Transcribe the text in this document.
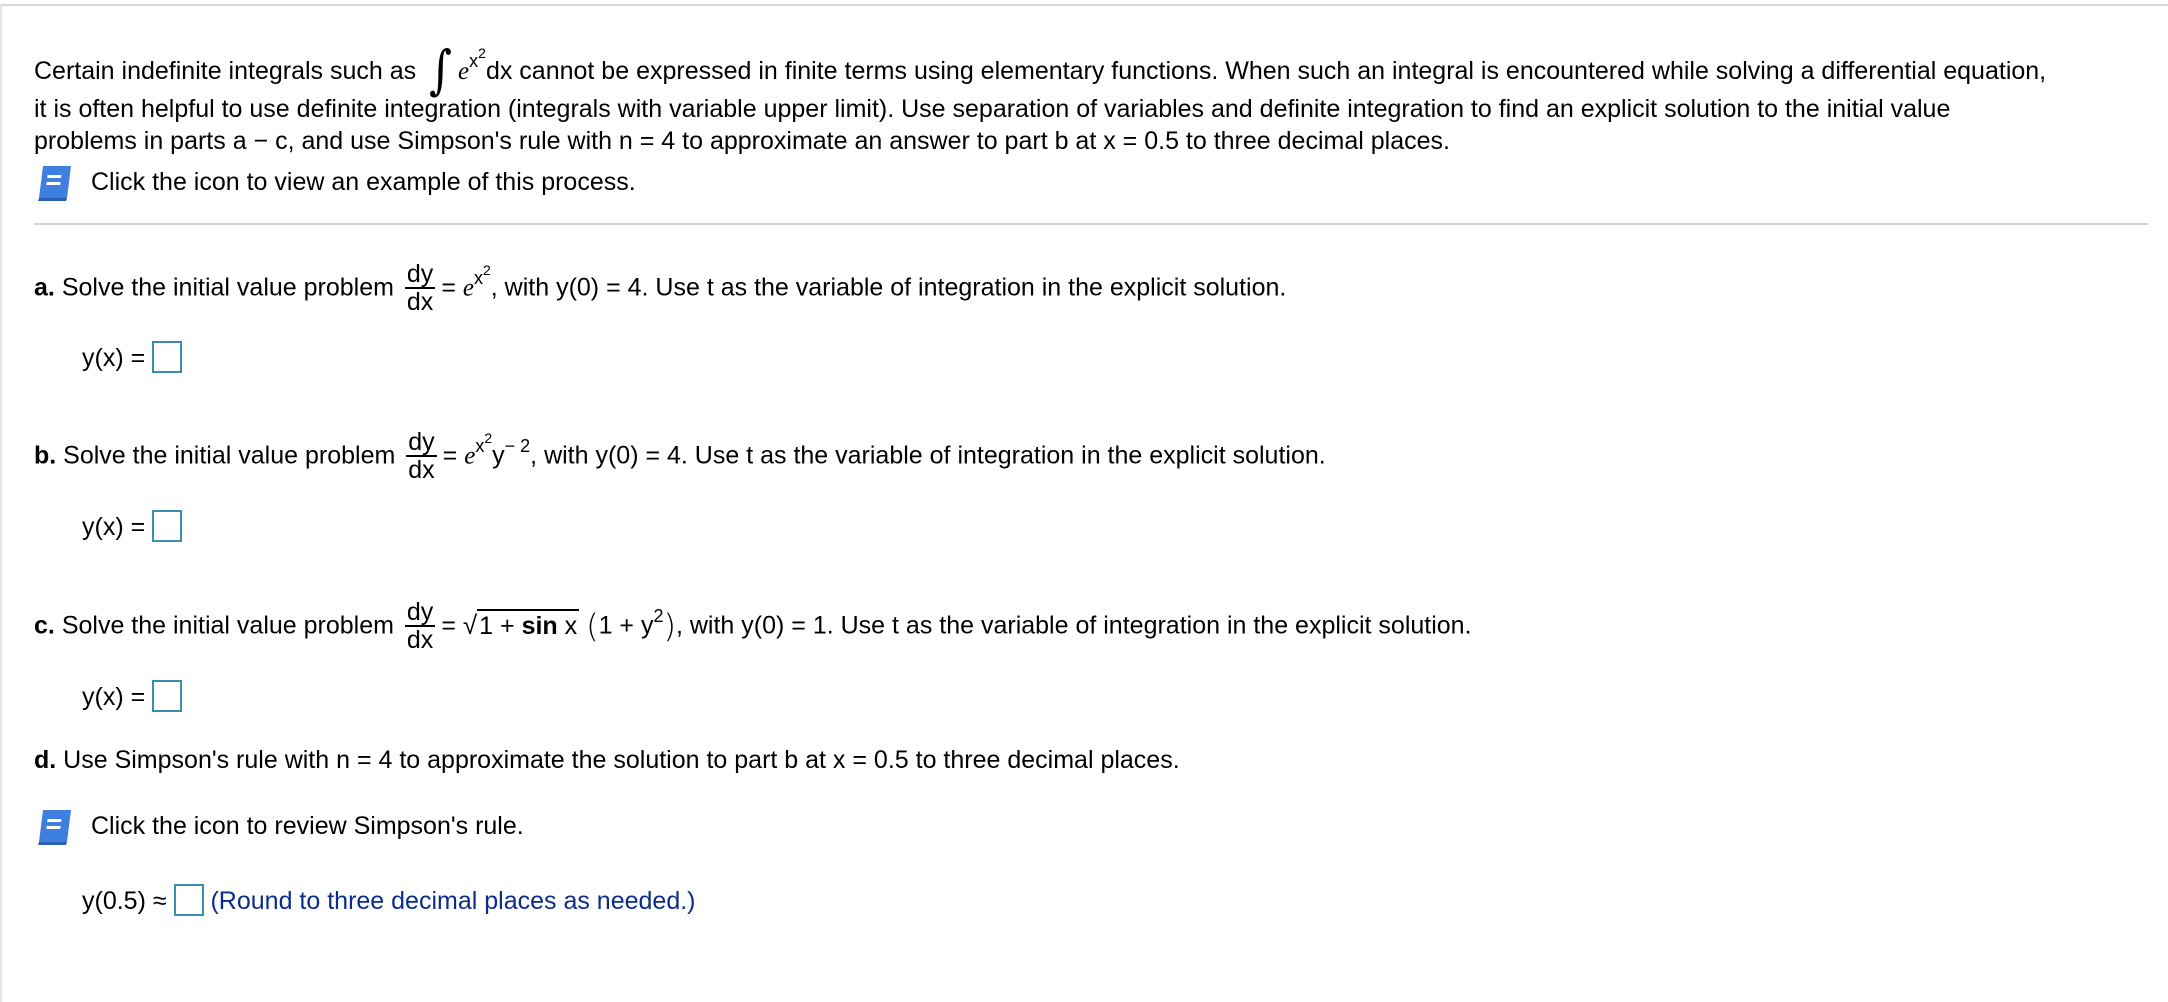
Certain indefinite integrals such as ∫ ex2dx cannot be expressed in finite terms using elementary functions. When such an integral is encountered while solving a differential equation,
it is often helpful to use definite integration (integrals with variable upper limit). Use separation of variables and definite integration to find an explicit solution to the initial value
problems in parts a − c, and use Simpson's rule with n = 4 to approximate an answer to part b at x = 0.5 to three decimal places.
Click the icon to view an example of this process.
a. Solve the initial value problem $\frac{dy}{dx} = ex2$, with y(0) = 4. Use t as the variable of integration in the explicit solution.
y(x) =
b. Solve the initial value problem $\frac{dy}{dx} = ex2y- 2$, with y(0) = 4. Use t as the variable of integration in the explicit solution.
y(x) =
c. Solve the initial value problem $\frac{dy}{dx} = √1 + \sin x$ (1 + y2), with y(0) = 1. Use t as the variable of integration in the explicit solution.
y(x) =
d. Use Simpson's rule with n = 4 to approximate the solution to part b at x = 0.5 to three decimal places.
Click the icon to review Simpson's rule.
y(0.5) ≈ (Round to three decimal places as needed.)
